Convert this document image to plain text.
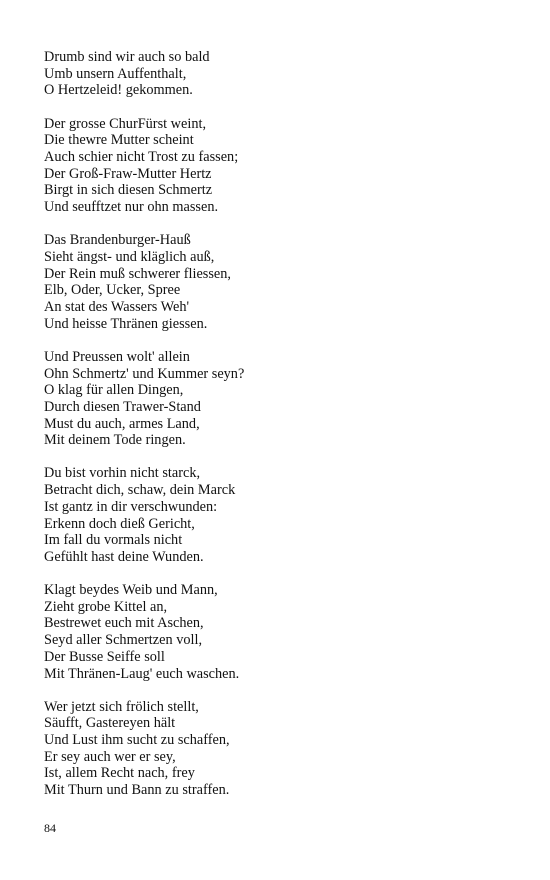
Drumb sind wir auch so bald
Umb unsern Auffenthalt,
O Hertzeleid! gekommen.
Der grosse ChurFürst weint,
Die thewre Mutter scheint
Auch schier nicht Trost zu fassen;
Der Groß-Fraw-Mutter Hertz
Birgt in sich diesen Schmertz
Und seufftzet nur ohn massen.
Das Brandenburger-Hauß
Sieht ängst- und kläglich auß,
Der Rein muß schwerer fliessen,
Elb, Oder, Ucker, Spree
An stat des Wassers Weh'
Und heisse Thränen giessen.
Und Preussen wolt' allein
Ohn Schmertz' und Kummer seyn?
O klag für allen Dingen,
Durch diesen Trawer-Stand
Must du auch, armes Land,
Mit deinem Tode ringen.
Du bist vorhin nicht starck,
Betracht dich, schaw, dein Marck
Ist gantz in dir verschwunden:
Erkenn doch dieß Gericht,
Im fall du vormals nicht
Gefühlt hast deine Wunden.
Klagt beydes Weib und Mann,
Zieht grobe Kittel an,
Bestrewet euch mit Aschen,
Seyd aller Schmertzen voll,
Der Busse Seiffe soll
Mit Thränen-Laug' euch waschen.
Wer jetzt sich frölich stellt,
Säufft, Gastereyen hält
Und Lust ihm sucht zu schaffen,
Er sey auch wer er sey,
Ist, allem Recht nach, frey
Mit Thurn und Bann zu straffen.
84
